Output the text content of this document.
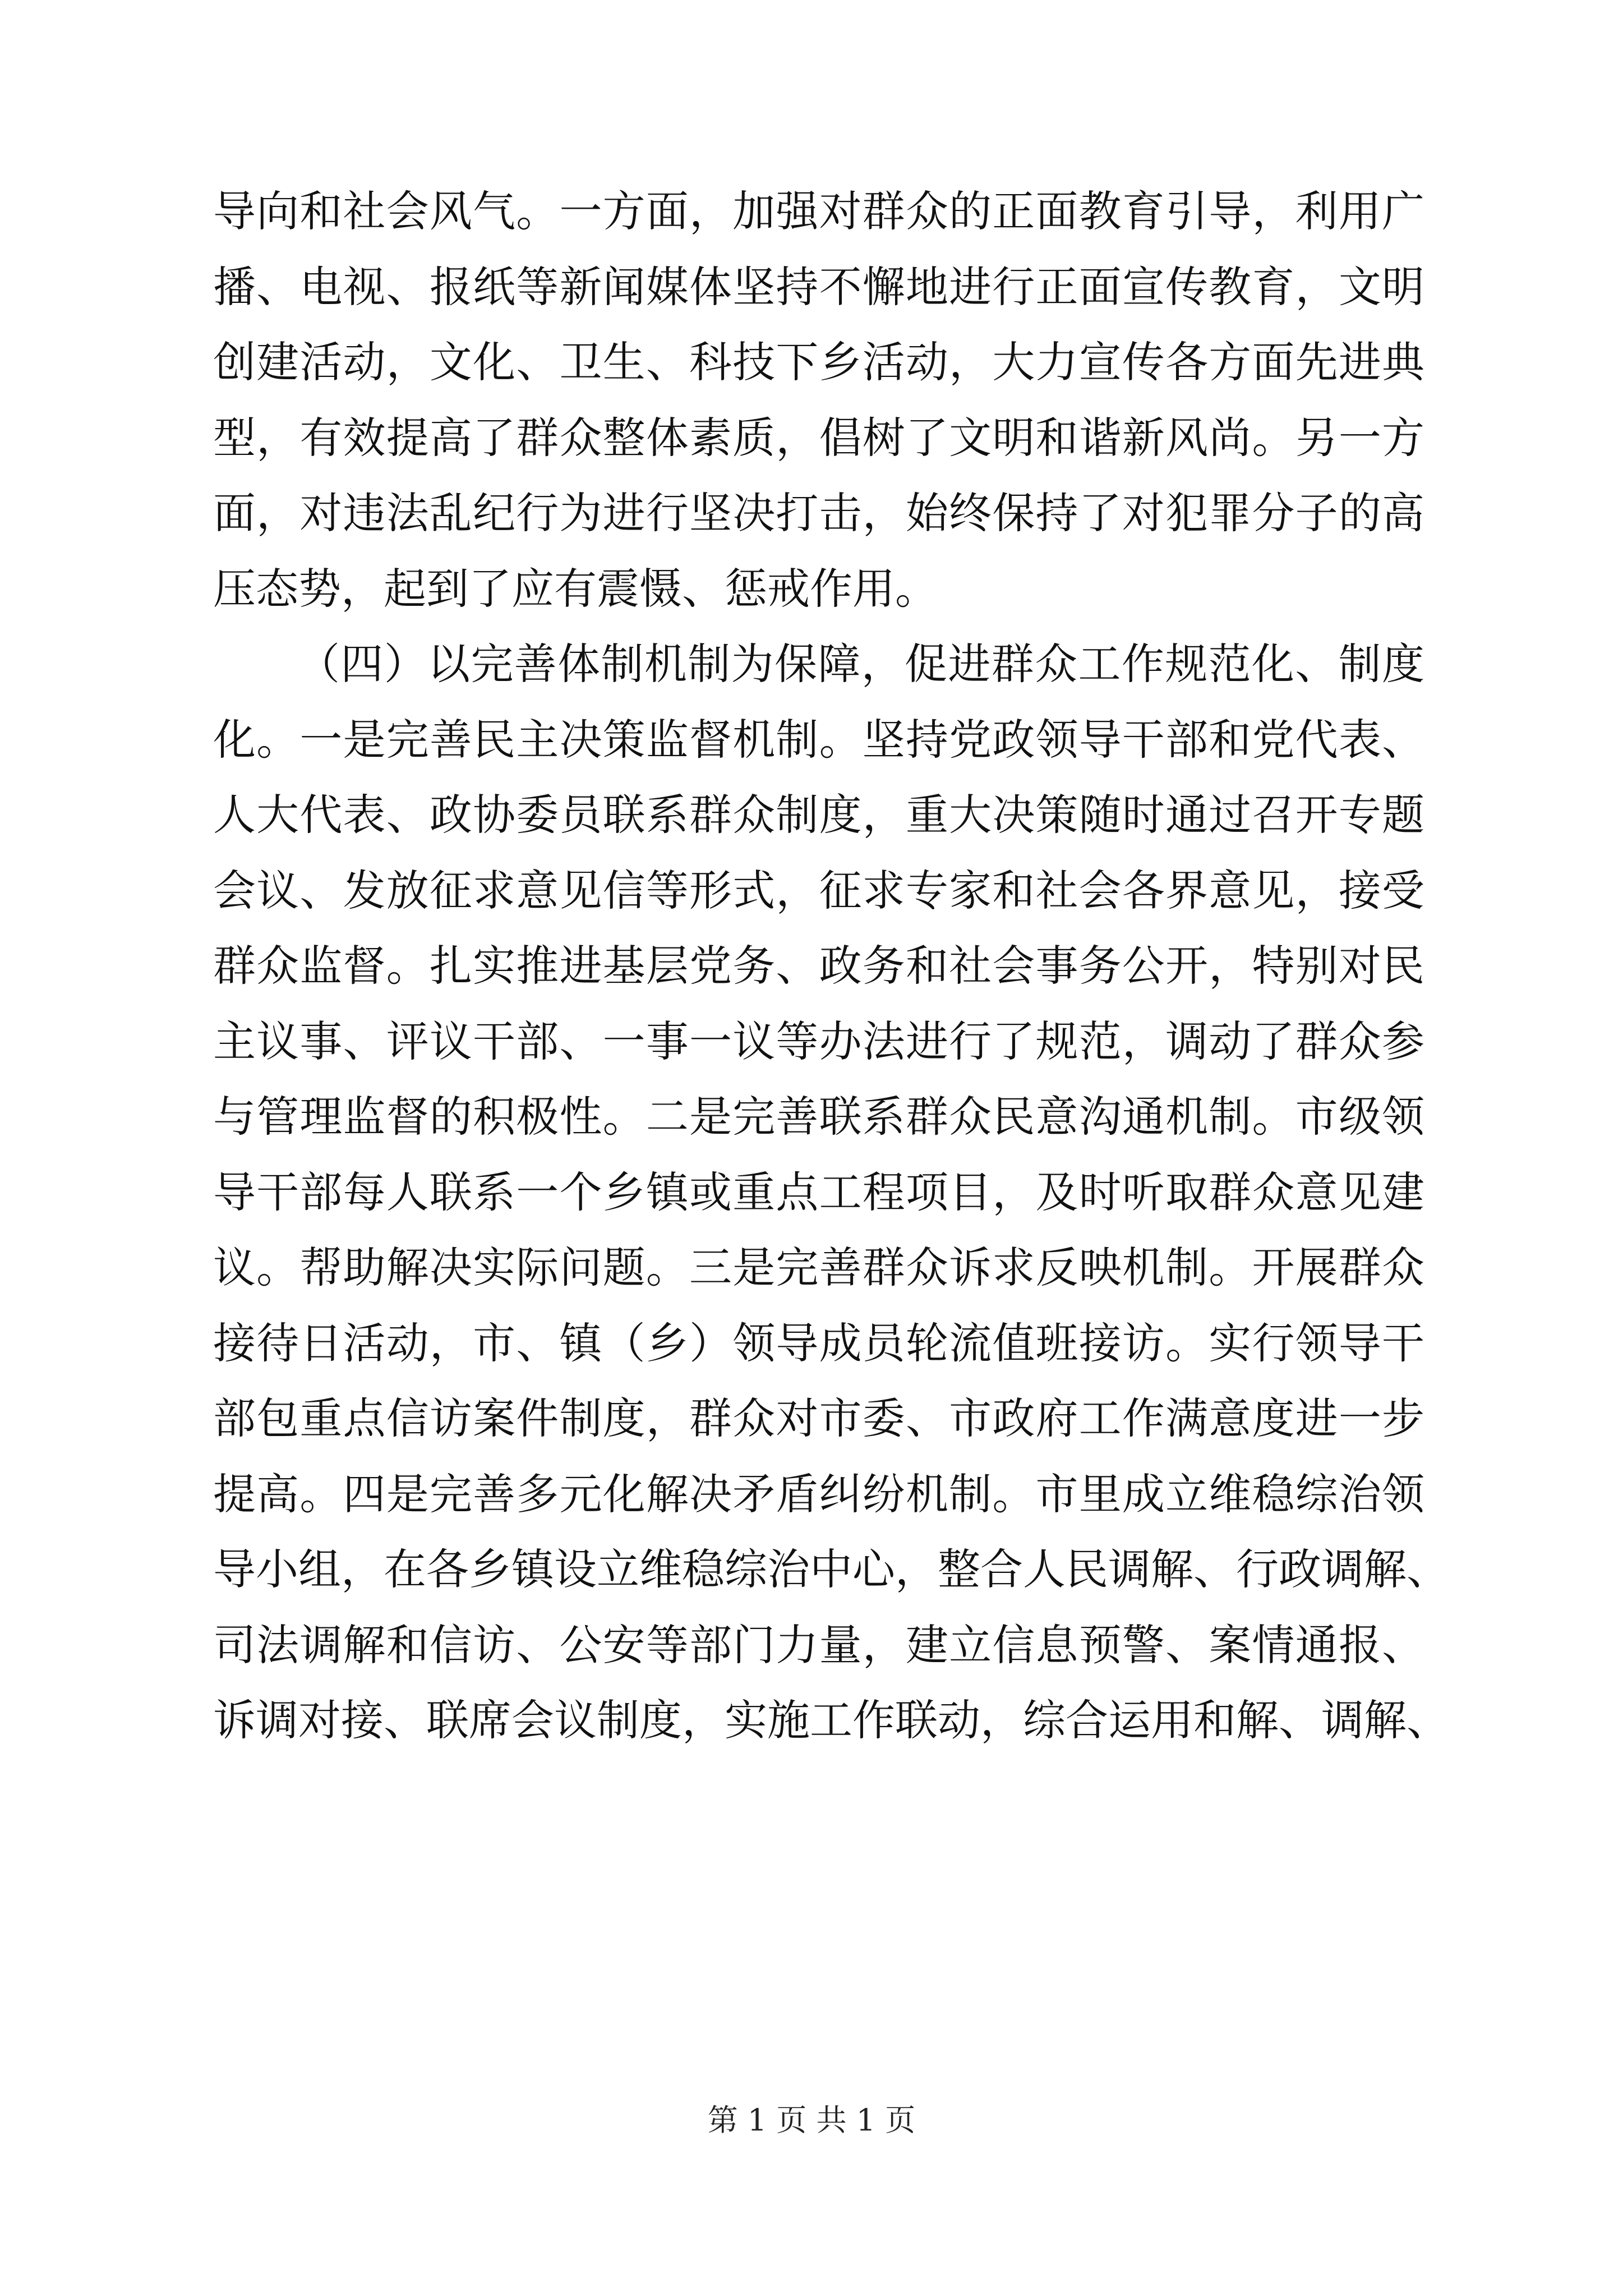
导向和社会风气。一方面，加强对群众的正面教育引导，利用广
播、电视、报纸等新闻媒体坚持不懈地进行正面宣传教育，文明
创建活动，文化、卫生、科技下乡活动，大力宣传各方面先进典
型，有效提高了群众整体素质，倡树了文明和谐新风尚。另一方
面，对违法乱纪行为进行坚决打击，始终保持了对犯罪分子的高
压态势，起到了应有震慑、惩戒作用。
（四）以完善体制机制为保障，促进群众工作规范化、制度
化。一是完善民主决策监督机制。坚持党政领导干部和党代表、
人大代表、政协委员联系群众制度，重大决策随时通过召开专题
会议、发放征求意见信等形式，征求专家和社会各界意见，接受
群众监督。扎实推进基层党务、政务和社会事务公开，特别对民
主议事、评议干部、一事一议等办法进行了规范，调动了群众参
与管理监督的积极性。二是完善联系群众民意沟通机制。市级领
导干部每人联系一个乡镇或重点工程项目，及时听取群众意见建
议。帮助解决实际问题。三是完善群众诉求反映机制。开展群众
接待日活动，市、镇（乡）领导成员轮流值班接访。实行领导干
部包重点信访案件制度，群众对市委、市政府工作满意度进一步
提高。四是完善多元化解决矛盾纠纷机制。市里成立维稳综治领
导小组，在各乡镇设立维稳综治中心，整合人民调解、行政调解、
司法调解和信访、公安等部门力量，建立信息预警、案情通报、
诉调对接、联席会议制度，实施工作联动，综合运用和解、调解、
第 1 页 共 1 页
